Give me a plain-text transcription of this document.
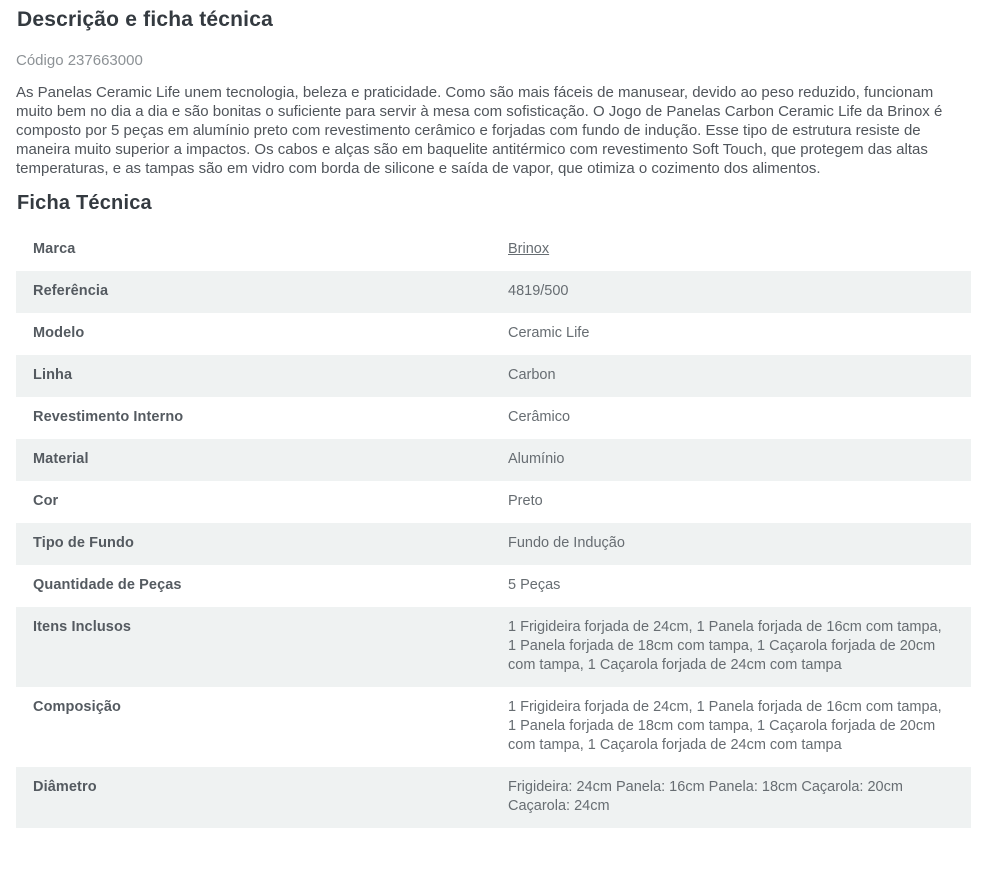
Descrição e ficha técnica

Código 237663000

As Panelas Ceramic Life unem tecnologia, beleza e praticidade. Como são mais fáceis de manusear, devido ao peso reduzido, funcionam muito bem no dia a dia e são bonitas o suficiente para servir à mesa com sofisticação. O Jogo de Panelas Carbon Ceramic Life da Brinox é composto por 5 peças em alumínio preto com revestimento cerâmico e forjadas com fundo de indução. Esse tipo de estrutura resiste de maneira muito superior a impactos. Os cabos e alças são em baquelite antitérmico com revestimento Soft Touch, que protegem das altas temperaturas, e as tampas são em vidro com borda de silicone e saída de vapor, que otimiza o cozimento dos alimentos.

Ficha Técnica
Marca	Brinox
Referência	4819/500
Modelo	Ceramic Life
Linha	Carbon
Revestimento Interno	Cerâmico
Material	Alumínio
Cor	Preto
Tipo de Fundo	Fundo de Indução
Quantidade de Peças	5 Peças
Itens Inclusos	1 Frigideira forjada de 24cm, 1 Panela forjada de 16cm com tampa, 1 Panela forjada de 18cm com tampa, 1 Caçarola forjada de 20cm com tampa, 1 Caçarola forjada de 24cm com tampa
Composição	1 Frigideira forjada de 24cm, 1 Panela forjada de 16cm com tampa, 1 Panela forjada de 18cm com tampa, 1 Caçarola forjada de 20cm com tampa, 1 Caçarola forjada de 24cm com tampa
Diâmetro	Frigideira: 24cm Panela: 16cm Panela: 18cm Caçarola: 20cm Caçarola: 24cm
